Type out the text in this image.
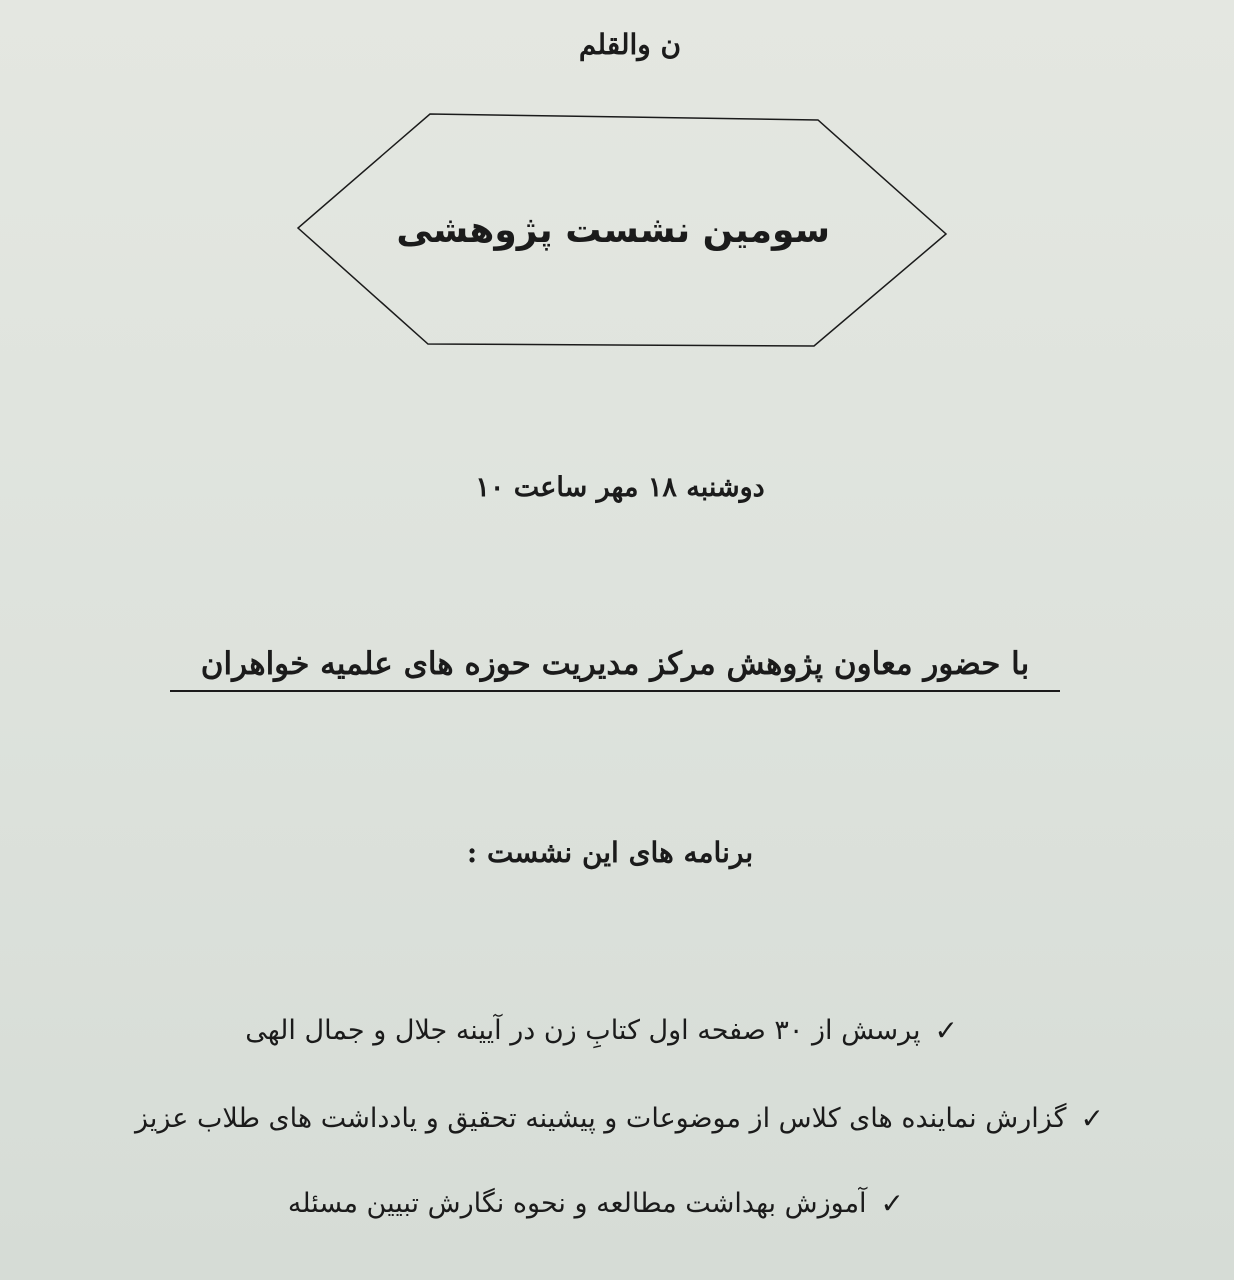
ن والقلم
سومین نشست پژوهشی
دوشنبه ۱۸ مهر ساعت ۱۰
با حضور معاون پژوهش مرکز مدیریت حوزه های علمیه خواهران
برنامه های این نشست :
✓
پرسش از ۳۰ صفحه اول کتابِ زن در آیینه جلال و جمال الهی
✓
گزارش نماینده های کلاس از موضوعات و پیشینه تحقیق و یادداشت های طلاب عزیز
✓
آموزش بهداشت مطالعه و نحوه نگارش تبیین مسئله
